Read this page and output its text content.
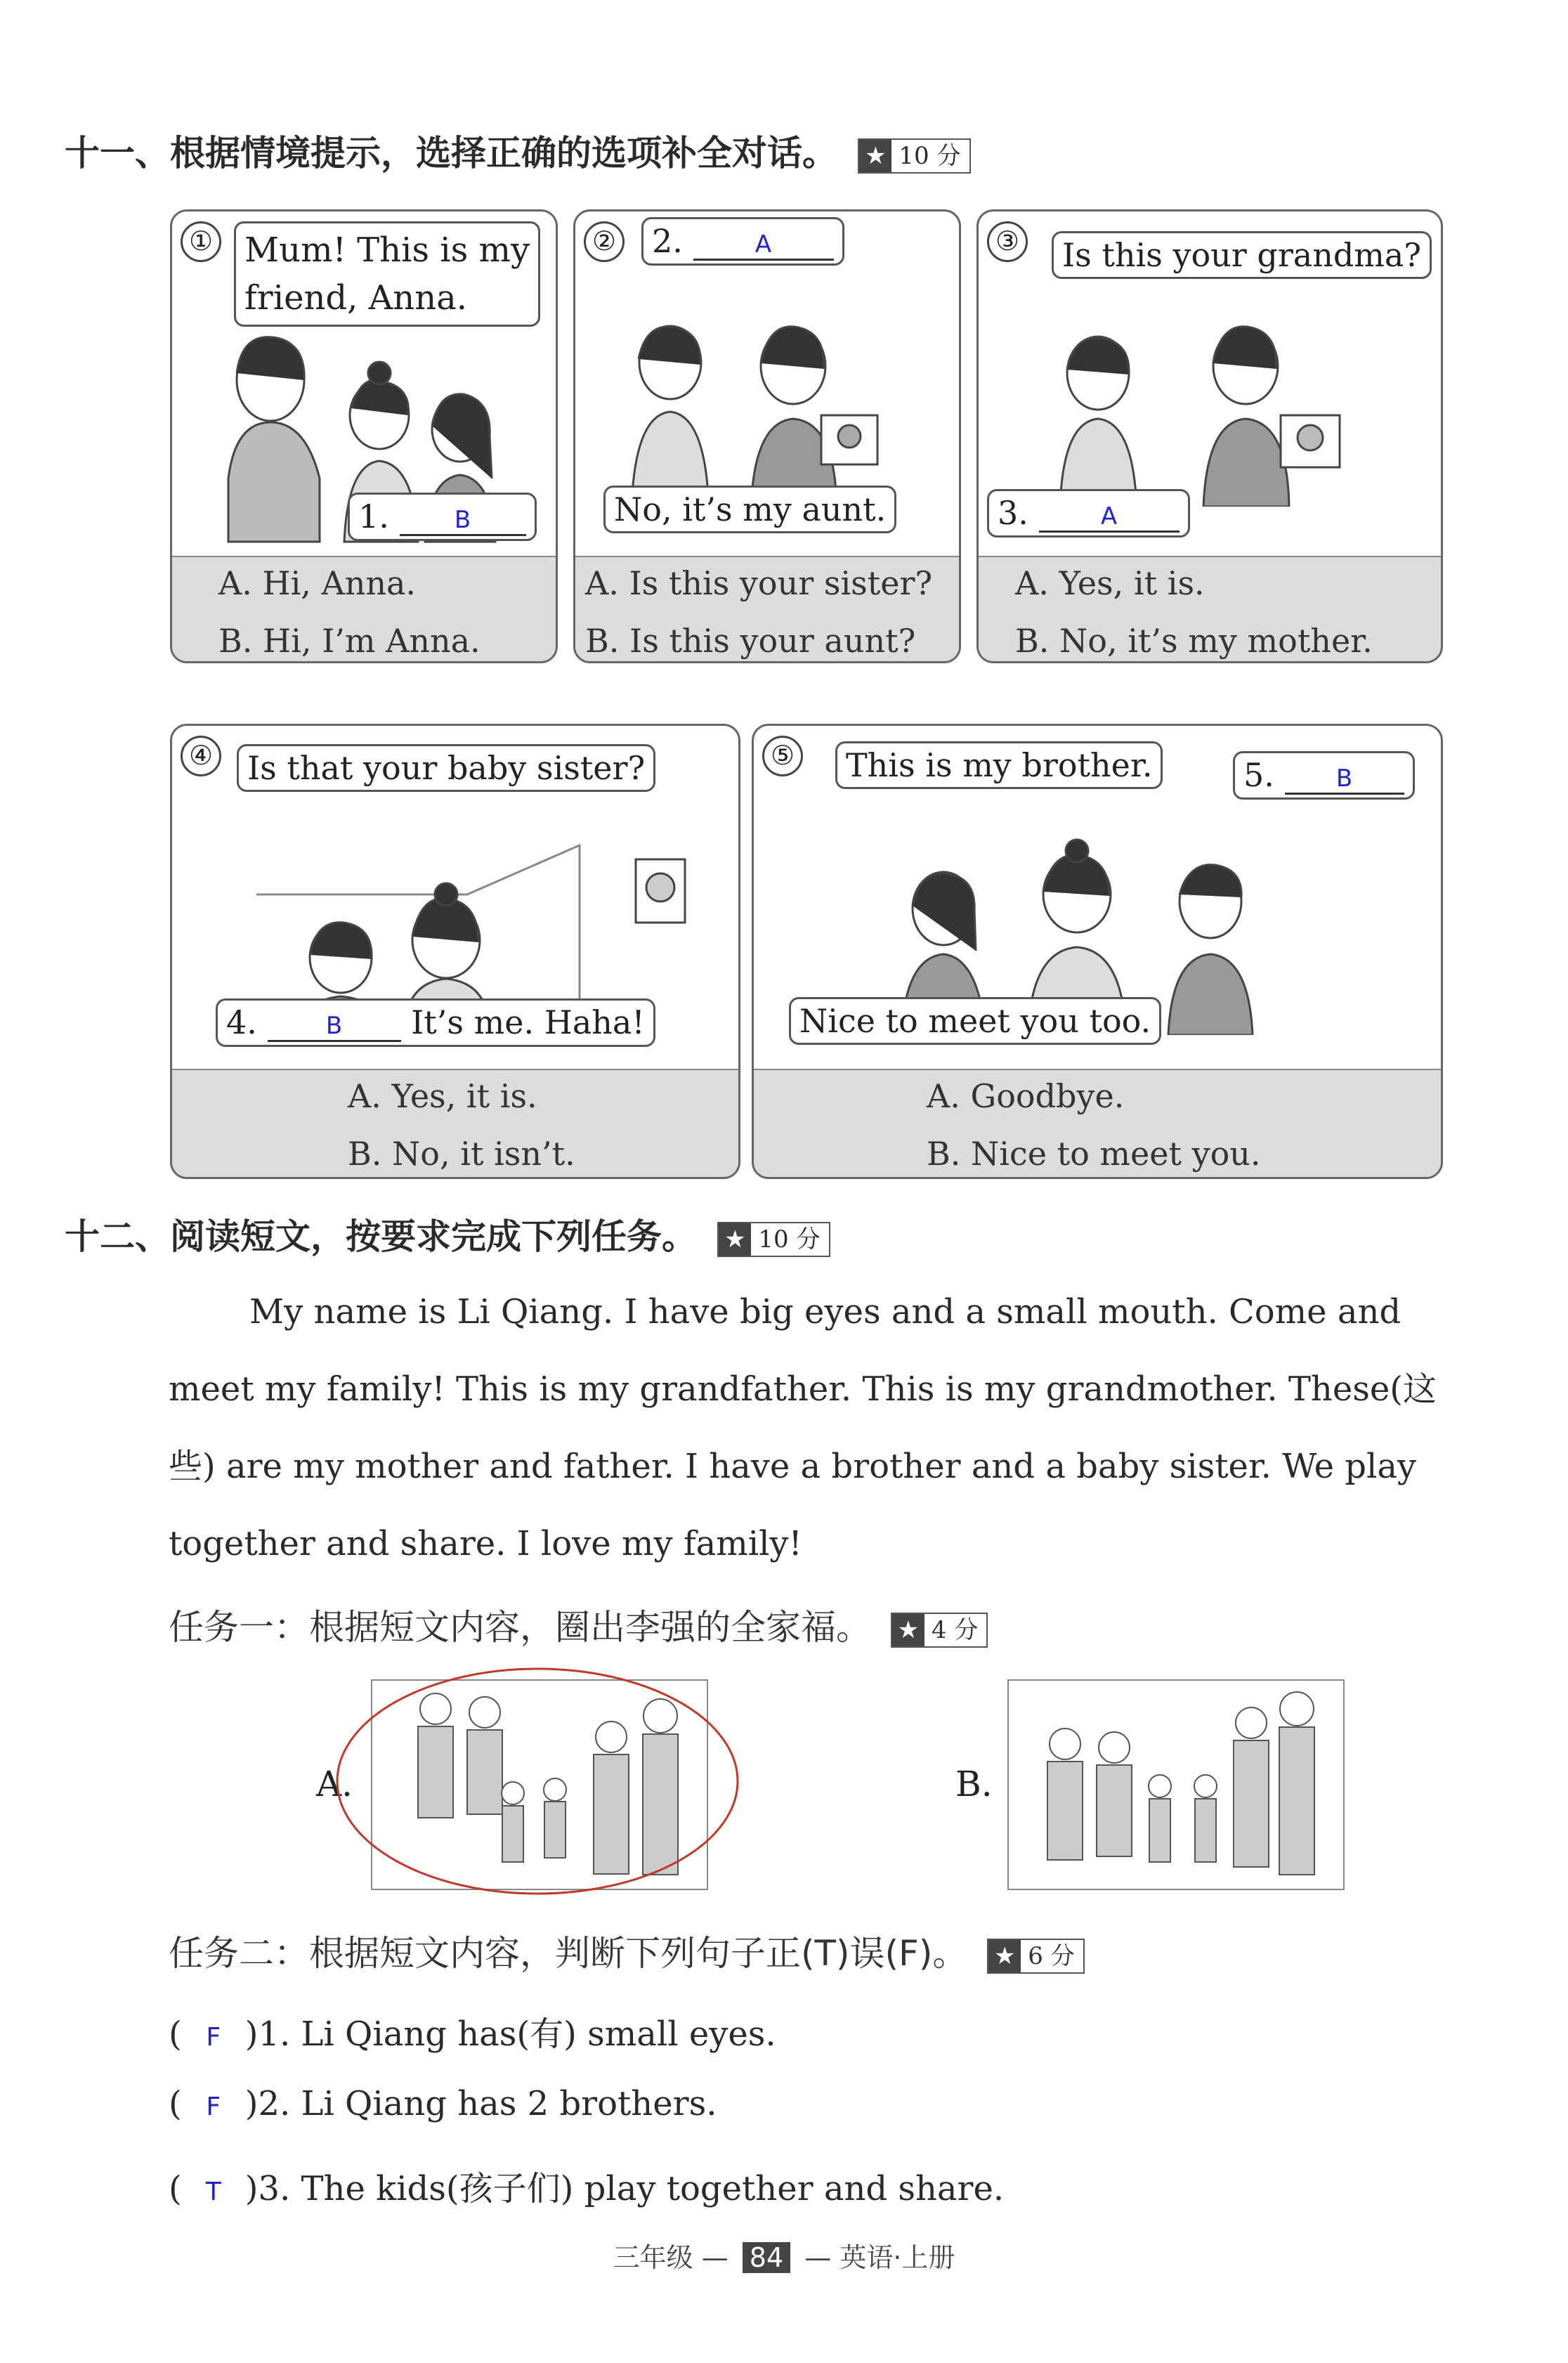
十一、根据情境提示，选择正确的选项补全对话。 ★ 10 分
① Mum! This is my
friend, Anna.
1.	B
A. Hi, Anna.
B. Hi, I’m Anna.
②	2.	A
No, it’s my aunt.
A. Is this your sister?
B. Is this your aunt?
③	Is this your grandma?
3.	A
A. Yes, it is.
B. No, it’s my mother.
④	Is that your baby sister?
4.	B It’s me. Haha!
A. Yes, it is.
B. No, it isn’t.
⑤	This is my brother.	5.	B
Nice to meet you too.
A. Goodbye.
B. Nice to meet you.
十二、阅读短文，按要求完成下列任务。 ★ 10 分
My name is Li Qiang. I have big eyes and a small mouth. Come and
meet my family! This is my grandfather. This is my grandmother. These(这
些) are my mother and father. I have a brother and a baby sister. We play
together and share. I love my family!
任务一：根据短文内容，圈出李强的全家福。 ★ 4 分
A.	B.
任务二：根据短文内容，判断下列句子正(T)误(F)。 ★ 6 分
( F )1. Li Qiang has(有) small eyes.
( F )2. Li Qiang has 2 brothers.
( T )3. The kids(孩子们) play together and share.
三年级 — 84 — 英语·上册
